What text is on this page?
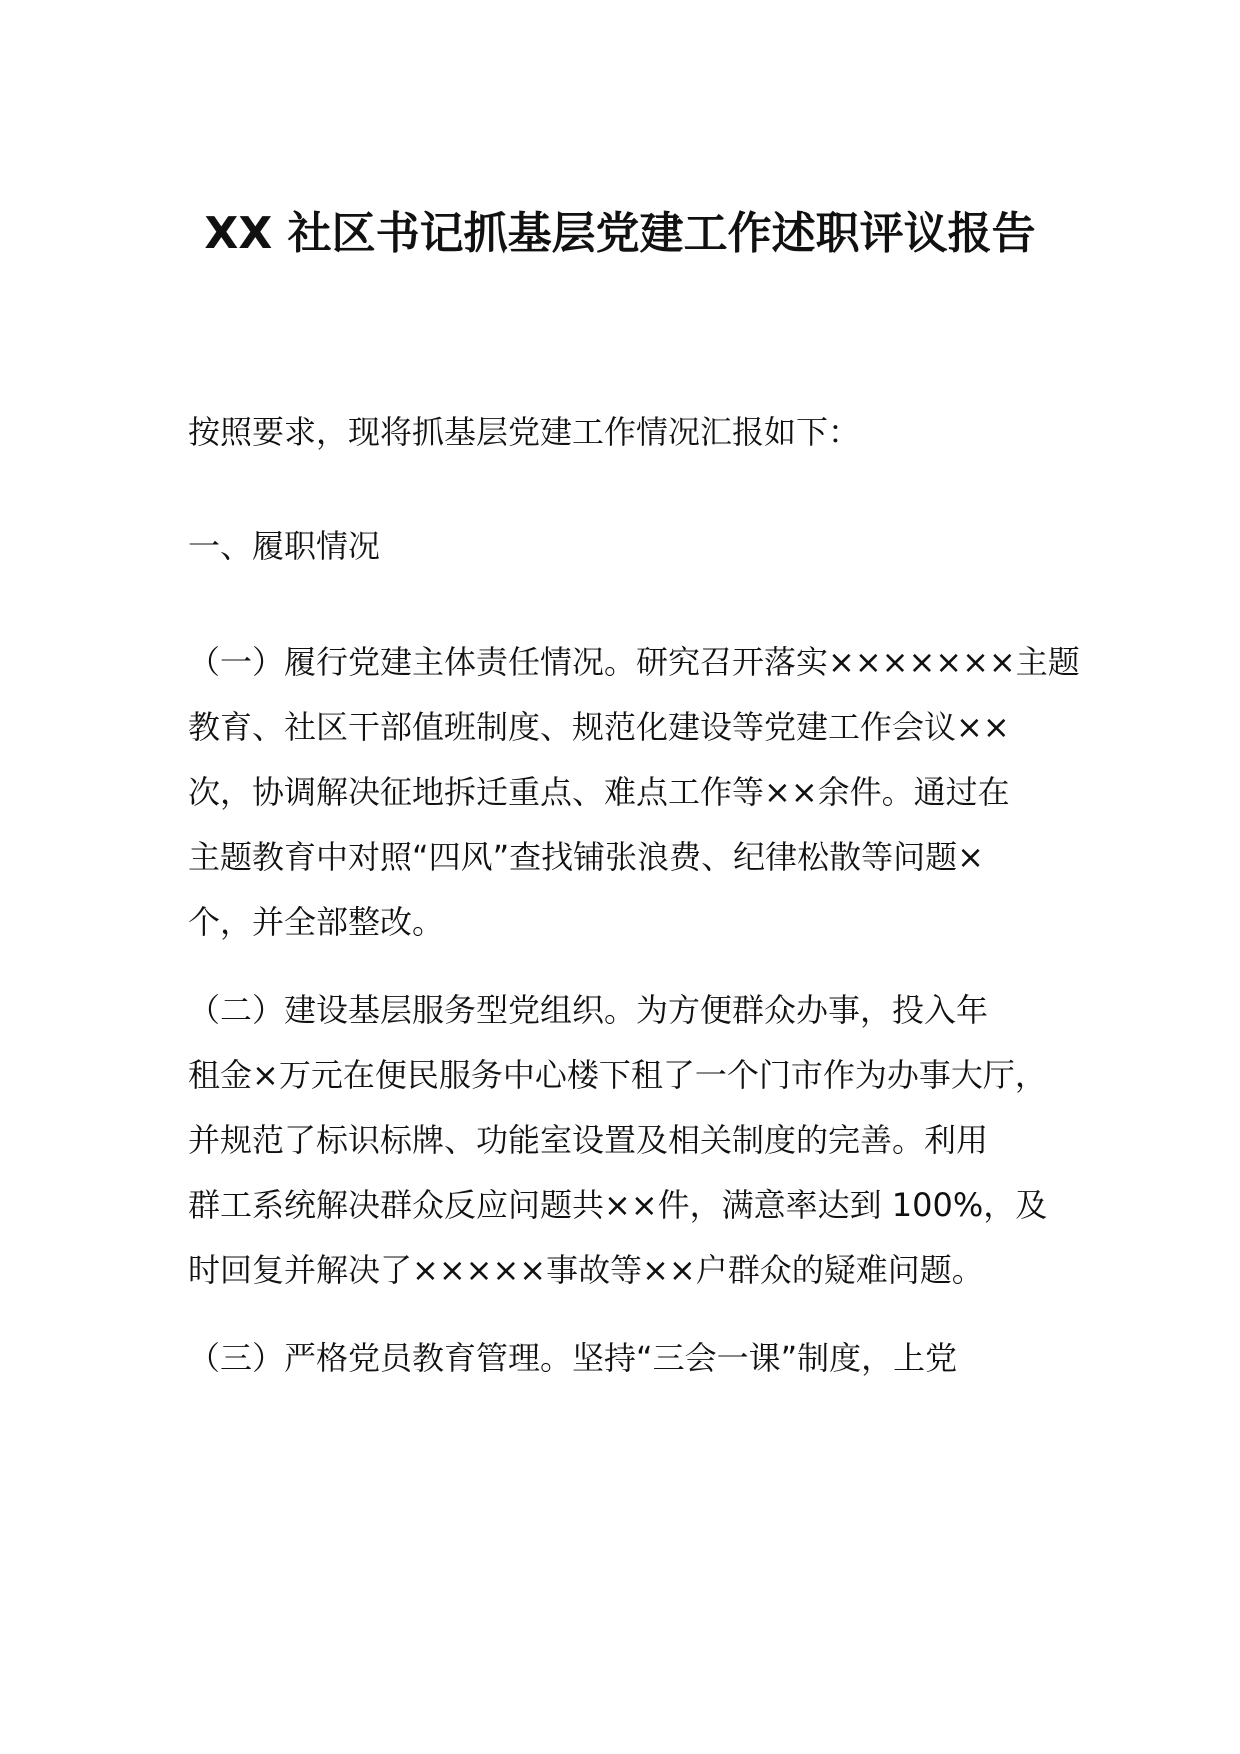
XX 社区书记抓基层党建工作述职评议报告
按照要求，现将抓基层党建工作情况汇报如下：
一、履职情况
（一）履行党建主体责任情况。研究召开落实×××××××主题
教育、社区干部值班制度、规范化建设等党建工作会议××
次，协调解决征地拆迁重点、难点工作等××余件。通过在
主题教育中对照“四风”查找铺张浪费、纪律松散等问题×
个，并全部整改。
（二）建设基层服务型党组织。为方便群众办事，投入年
租金×万元在便民服务中心楼下租了一个门市作为办事大厅，
并规范了标识标牌、功能室设置及相关制度的完善。利用
群工系统解决群众反应问题共××件，满意率达到 100%，及
时回复并解决了×××××事故等××户群众的疑难问题。
（三）严格党员教育管理。坚持“三会一课”制度，上党
